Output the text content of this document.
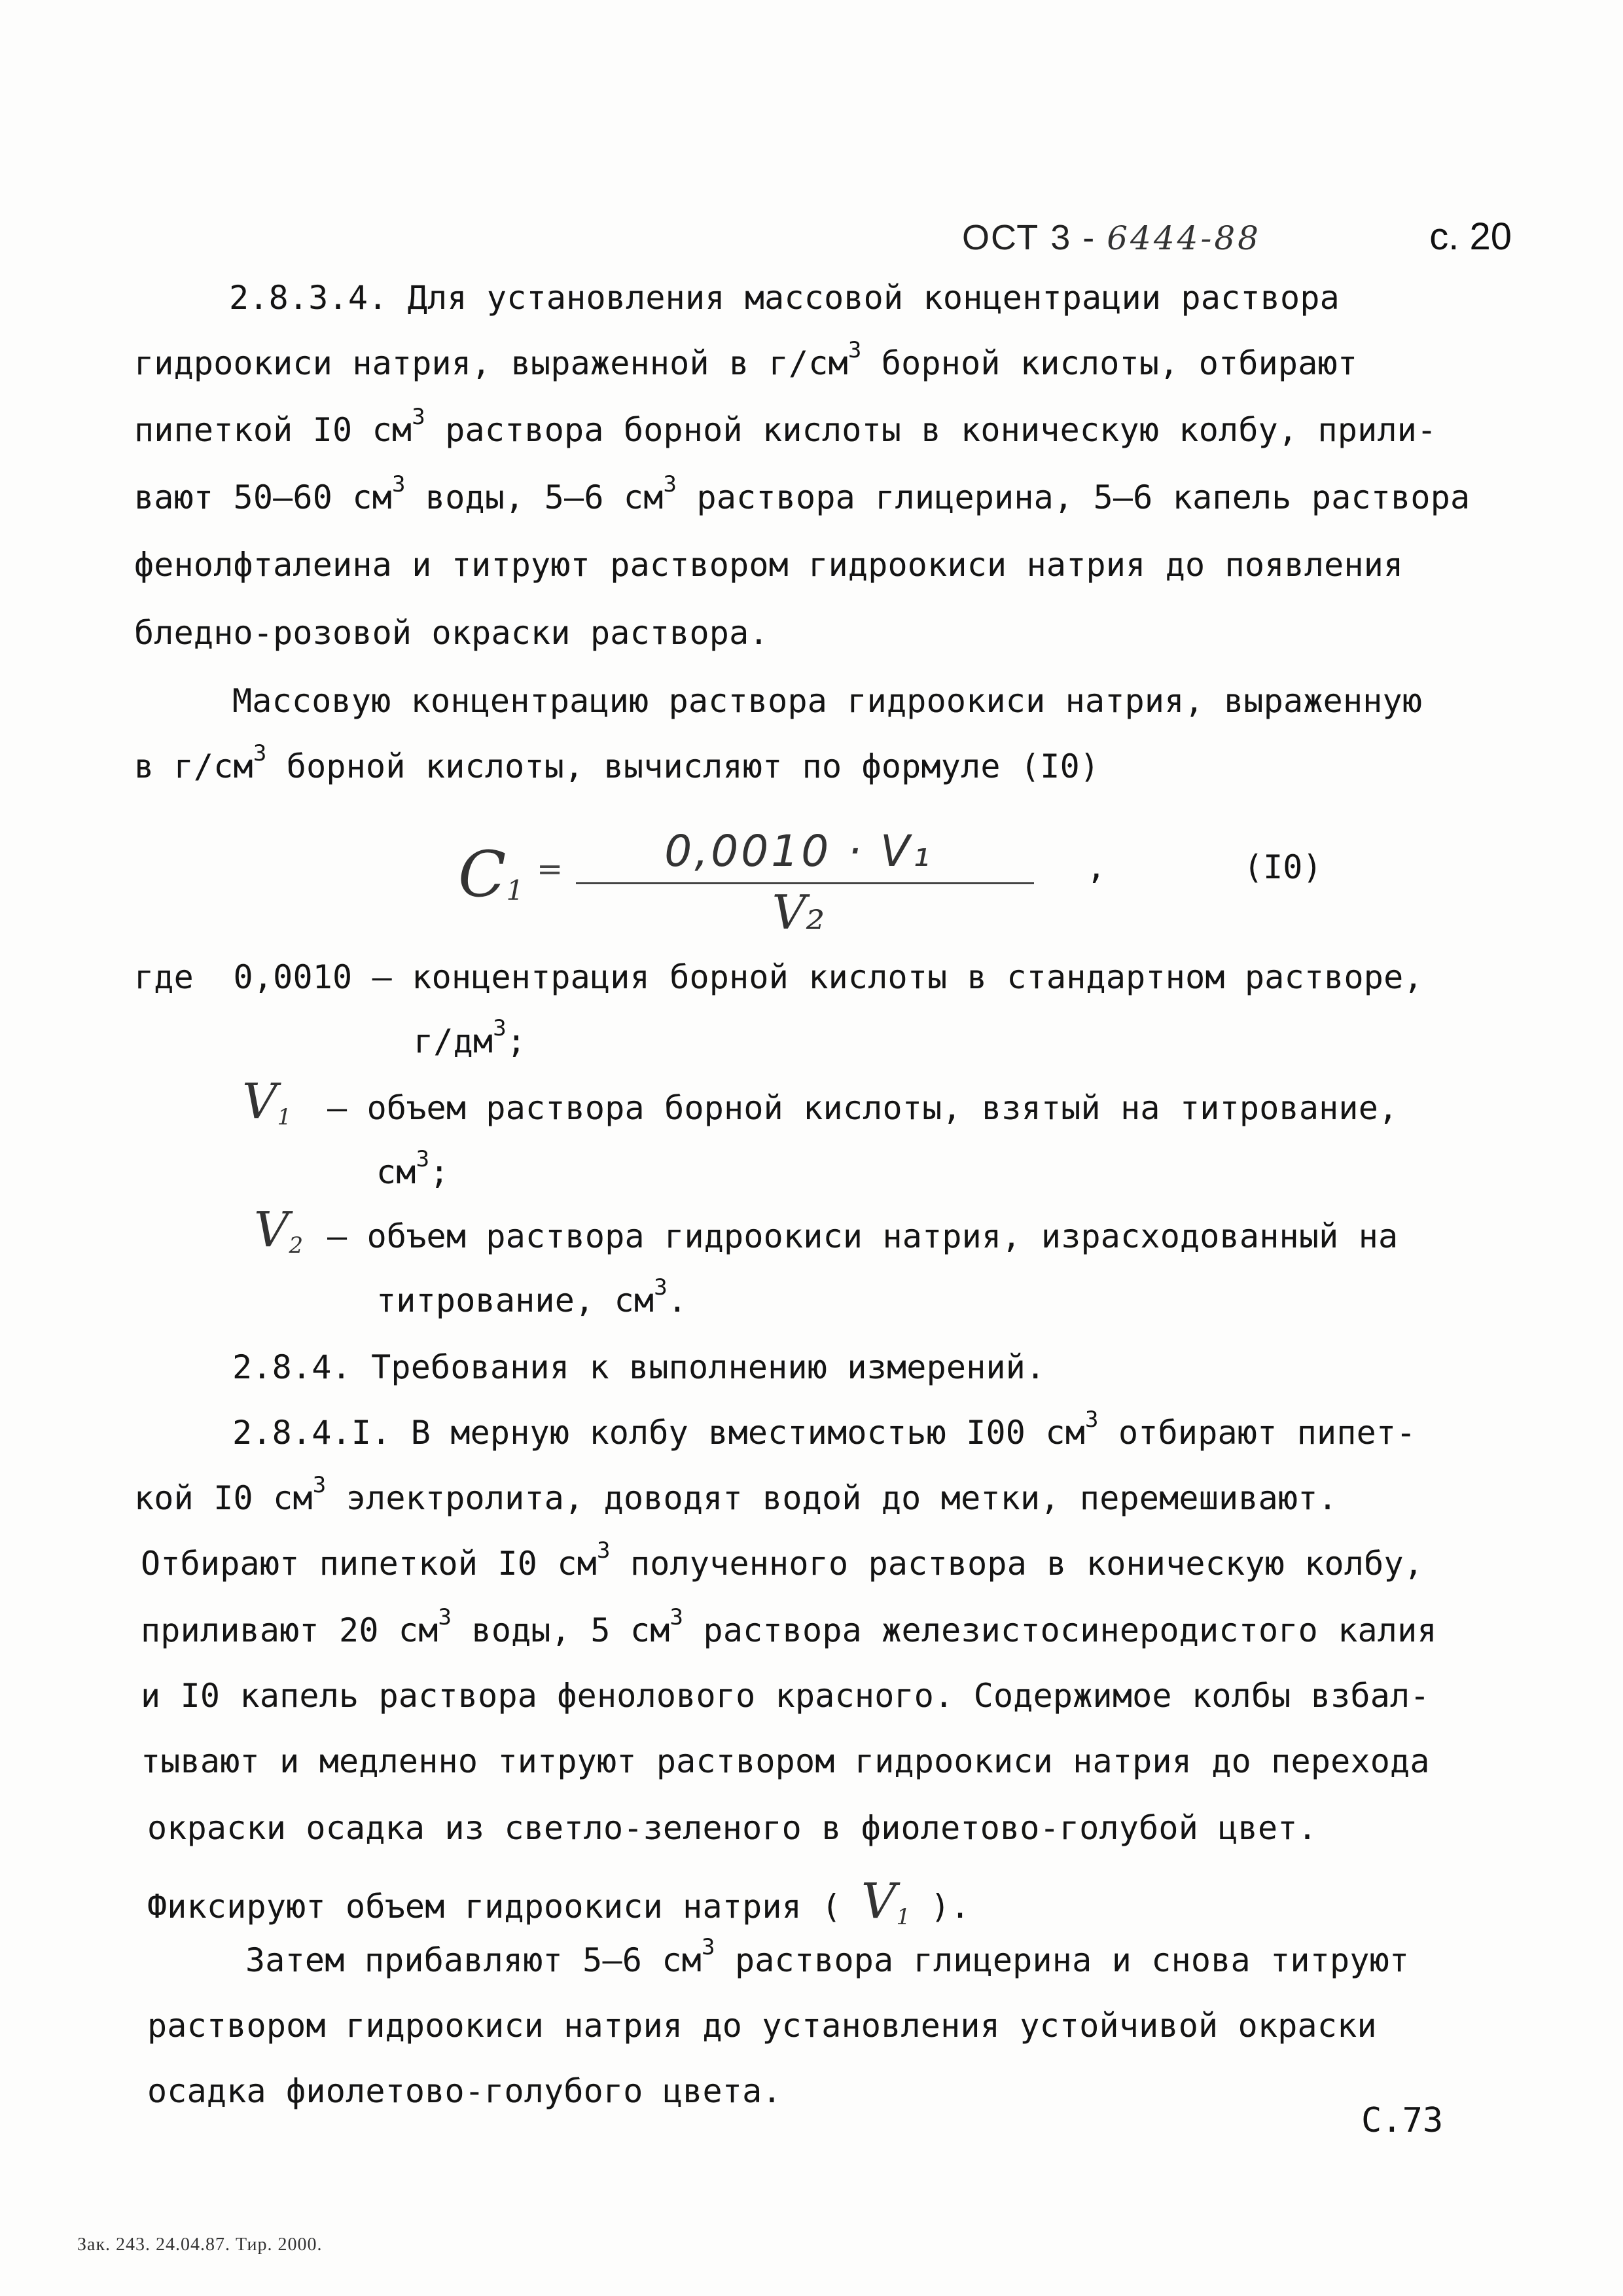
ОСТ 3 - 6444-88	с. 20
2.8.3.4. Для установления массовой концентрации раствора
гидроокиси натрия, выраженной в $г/см^3$ борной кислоты, отбирают
пипеткой I0 $см^3$ раствора борной кислоты в коническую колбу, прили-
вают 50–60 $см^3$ воды, 5–6 $см^3$ раствора глицерина, 5–6 капель раствора
фенолфталеина и титруют раствором гидроокиси натрия до появления
бледно-розовой окраски раствора.
Массовую концентрацию раствора гидроокиси натрия, выраженную
в $г/см^3$ борной кислоты, вычисляют по формуле (I0)
$C_1$
=	0,0010 · V₁
V₂
,	(I0)
где 0,0010 – концентрация борной кислоты в стандартном растворе,
$г/дм^3$;
$V_1$ – объем раствора борной кислоты, взятый на титрование,
$см^3$;
$V_2$ – объем раствора гидроокиси натрия, израсходованный на
титрование, $см^3$.
2.8.4. Требования к выполнению измерений.
2.8.4.I. В мерную колбу вместимостью I00 $см^3$ отбирают пипет-
кой I0 $см^3$ электролита, доводят водой до метки, перемешивают.
Отбирают пипеткой I0 $см^3$ полученного раствора в коническую колбу,
приливают 20 $см^3$ воды, 5 $см^3$ раствора железистосинеродистого калия
и I0 капель раствора фенолового красного. Содержимое колбы взбал-
тывают и медленно титруют раствором гидроокиси натрия до перехода
окраски осадка из светло-зеленого в фиолетово-голубой цвет.
Фиксируют объем гидроокиси натрия ( $V_1$ ).
Затем прибавляют 5–6 $см^3$ раствора глицерина и снова титруют
раствором гидроокиси натрия до установления устойчивой окраски
осадка фиолетово-голубого цвета.
С.73
Зак. 243. 24.04.87. Тир. 2000.
